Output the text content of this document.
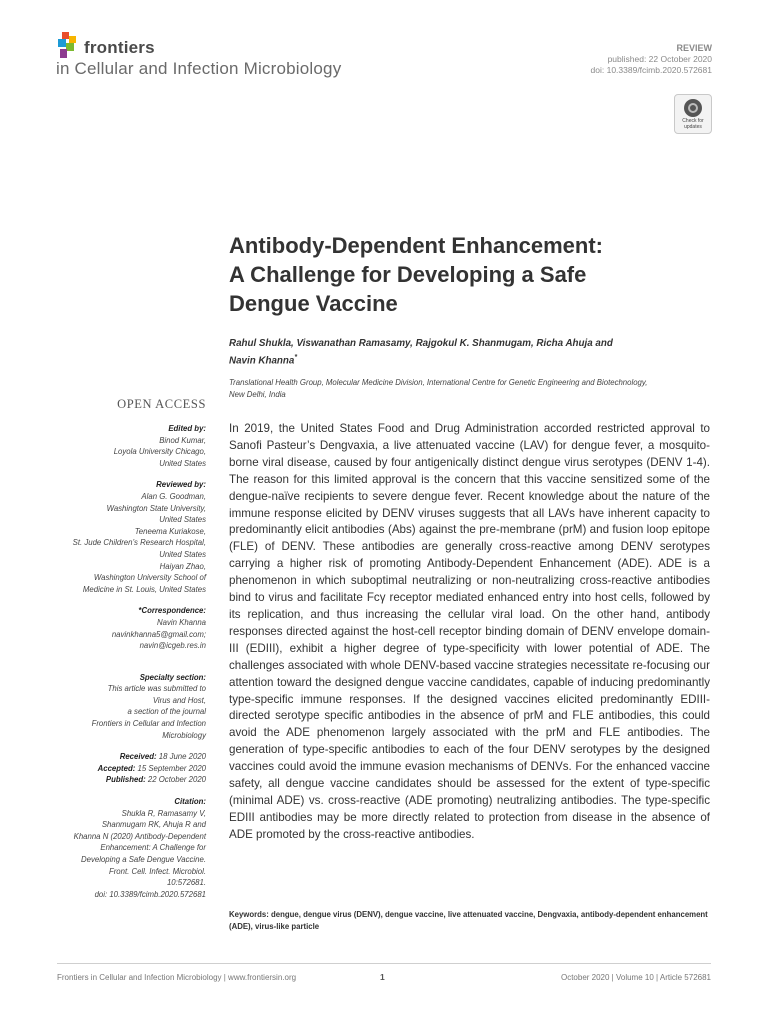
frontiers
in Cellular and Infection Microbiology
REVIEW
published: 22 October 2020
doi: 10.3389/fcimb.2020.572681
Check for updates
Antibody-Dependent Enhancement:
A Challenge for Developing a Safe
Dengue Vaccine
Rahul Shukla, Viswanathan Ramasamy, Rajgokul K. Shanmugam, Richa Ahuja and
Navin Khanna*
Translational Health Group, Molecular Medicine Division, International Centre for Genetic Engineering and Biotechnology,
New Delhi, India
OPEN ACCESS
Edited by:
Binod Kumar,
Loyola University Chicago,
United States
Reviewed by:
Alan G. Goodman,
Washington State University,
United States
Teneema Kuriakose,
St. Jude Children’s Research Hospital,
United States
Haiyan Zhao,
Washington University School of
Medicine in St. Louis, United States
*Correspondence:
Navin Khanna
navinkhanna5@gmail.com;
navin@icgeb.res.in
Specialty section:
This article was submitted to
Virus and Host,
a section of the journal
Frontiers in Cellular and Infection
Microbiology
Received: 18 June 2020
Accepted: 15 September 2020
Published: 22 October 2020
Citation:
Shukla R, Ramasamy V,
Shanmugam RK, Ahuja R and
Khanna N (2020) Antibody-Dependent
Enhancement: A Challenge for
Developing a Safe Dengue Vaccine.
Front. Cell. Infect. Microbiol.
10:572681.
doi: 10.3389/fcimb.2020.572681
In 2019, the United States Food and Drug Administration accorded restricted approval to Sanofi Pasteur’s Dengvaxia, a live attenuated vaccine (LAV) for dengue fever, a mosquito-borne viral disease, caused by four antigenically distinct dengue virus serotypes (DENV 1-4). The reason for this limited approval is the concern that this vaccine sensitized some of the dengue-naïve recipients to severe dengue fever. Recent knowledge about the nature of the immune response elicited by DENV viruses suggests that all LAVs have inherent capacity to predominantly elicit antibodies (Abs) against the pre-membrane (prM) and fusion loop epitope (FLE) of DENV. These antibodies are generally cross-reactive among DENV serotypes carrying a higher risk of promoting Antibody-Dependent Enhancement (ADE). ADE is a phenomenon in which suboptimal neutralizing or non-neutralizing cross-reactive antibodies bind to virus and facilitate Fcγ receptor mediated enhanced entry into host cells, followed by its replication, and thus increasing the cellular viral load. On the other hand, antibody responses directed against the host-cell receptor binding domain of DENV envelope domain-III (EDIII), exhibit a higher degree of type-specificity with lower potential of ADE. The challenges associated with whole DENV-based vaccine strategies necessitate re-focusing our attention toward the designed dengue vaccine candidates, capable of inducing predominantly type-specific immune responses. If the designed vaccines elicited predominantly EDIII-directed serotype specific antibodies in the absence of prM and FLE antibodies, this could avoid the ADE phenomenon largely associated with the prM and FLE antibodies. The generation of type-specific antibodies to each of the four DENV serotypes by the designed vaccines could avoid the immune evasion mechanisms of DENVs. For the enhanced vaccine safety, all dengue vaccine candidates should be assessed for the extent of type-specific (minimal ADE) vs. cross-reactive (ADE promoting) neutralizing antibodies. The type-specific EDIII antibodies may be more directly related to protection from disease in the absence of ADE promoted by the cross-reactive antibodies.
Keywords: dengue, dengue virus (DENV), dengue vaccine, live attenuated vaccine, Dengvaxia, antibody-dependent enhancement (ADE), virus-like particle
Frontiers in Cellular and Infection Microbiology | www.frontiersin.org	1	October 2020 | Volume 10 | Article 572681
